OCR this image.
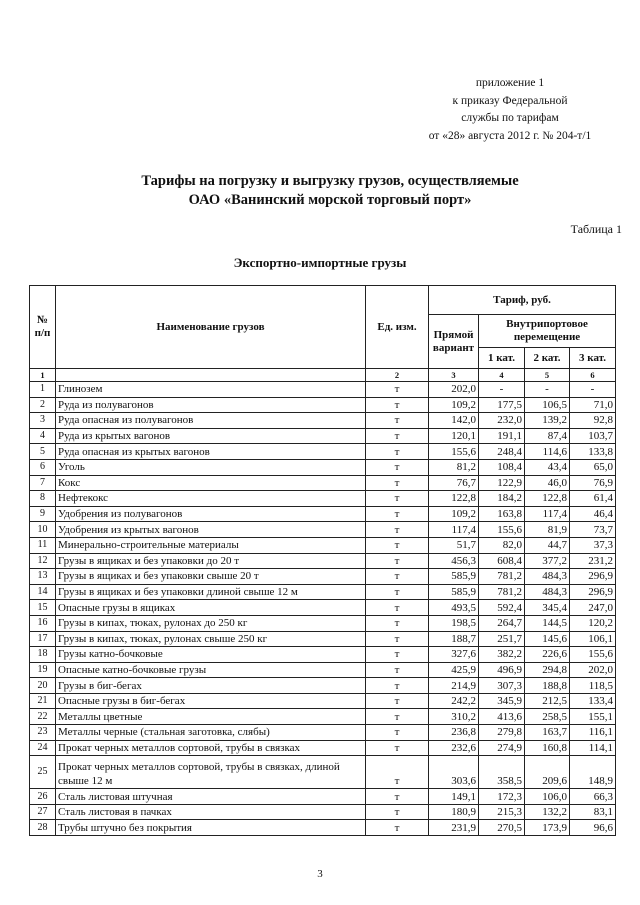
приложение 1
к приказу Федеральной
службы по тарифам
от «28» августа 2012 г. № 204-т/1
Тарифы на погрузку и выгрузку грузов, осуществляемые
ОАО «Ванинский морской торговый порт»
Таблица 1
Экспортно-импортные грузы
№ п/п	Наименование грузов	Ед. изм.	Тариф, руб.			
			Прямой вариант	Внутрипортовое перемещение		
				1 кат.	2 кат.	3 кат.
1		2	3	4	5	6
1	Глинозем	т	202,0	-	-	-
2	Руда из полувагонов	т	109,2	177,5	106,5	71,0
3	Руда опасная из полувагонов	т	142,0	232,0	139,2	92,8
4	Руда из крытых вагонов	т	120,1	191,1	87,4	103,7
5	Руда опасная из крытых вагонов	т	155,6	248,4	114,6	133,8
6	Уголь	т	81,2	108,4	43,4	65,0
7	Кокс	т	76,7	122,9	46,0	76,9
8	Нефтекокс	т	122,8	184,2	122,8	61,4
9	Удобрения из полувагонов	т	109,2	163,8	117,4	46,4
10	Удобрения из крытых вагонов	т	117,4	155,6	81,9	73,7
11	Минерально-строительные материалы	т	51,7	82,0	44,7	37,3
12	Грузы в ящиках и без упаковки до 20 т	т	456,3	608,4	377,2	231,2
13	Грузы в ящиках и без упаковки свыше 20 т	т	585,9	781,2	484,3	296,9
14	Грузы в ящиках и без упаковки длиной свыше 12 м	т	585,9	781,2	484,3	296,9
15	Опасные грузы в ящиках	т	493,5	592,4	345,4	247,0
16	Грузы в кипах, тюках, рулонах до 250 кг	т	198,5	264,7	144,5	120,2
17	Грузы в кипах, тюках, рулонах свыше 250 кг	т	188,7	251,7	145,6	106,1
18	Грузы катно-бочковые	т	327,6	382,2	226,6	155,6
19	Опасные катно-бочковые грузы	т	425,9	496,9	294,8	202,0
20	Грузы в биг-бегах	т	214,9	307,3	188,8	118,5
21	Опасные грузы в биг-бегах	т	242,2	345,9	212,5	133,4
22	Металлы цветные	т	310,2	413,6	258,5	155,1
23	Металлы черные (стальная заготовка, слябы)	т	236,8	279,8	163,7	116,1
24	Прокат черных металлов сортовой, трубы в связках	т	232,6	274,9	160,8	114,1
25	Прокат черных металлов сортовой, трубы в связках, длиной свыше 12 м	т	303,6	358,5	209,6	148,9
26	Сталь листовая штучная	т	149,1	172,3	106,0	66,3
27	Сталь листовая в пачках	т	180,9	215,3	132,2	83,1
28	Трубы штучно без покрытия	т	231,9	270,5	173,9	96,6
3
